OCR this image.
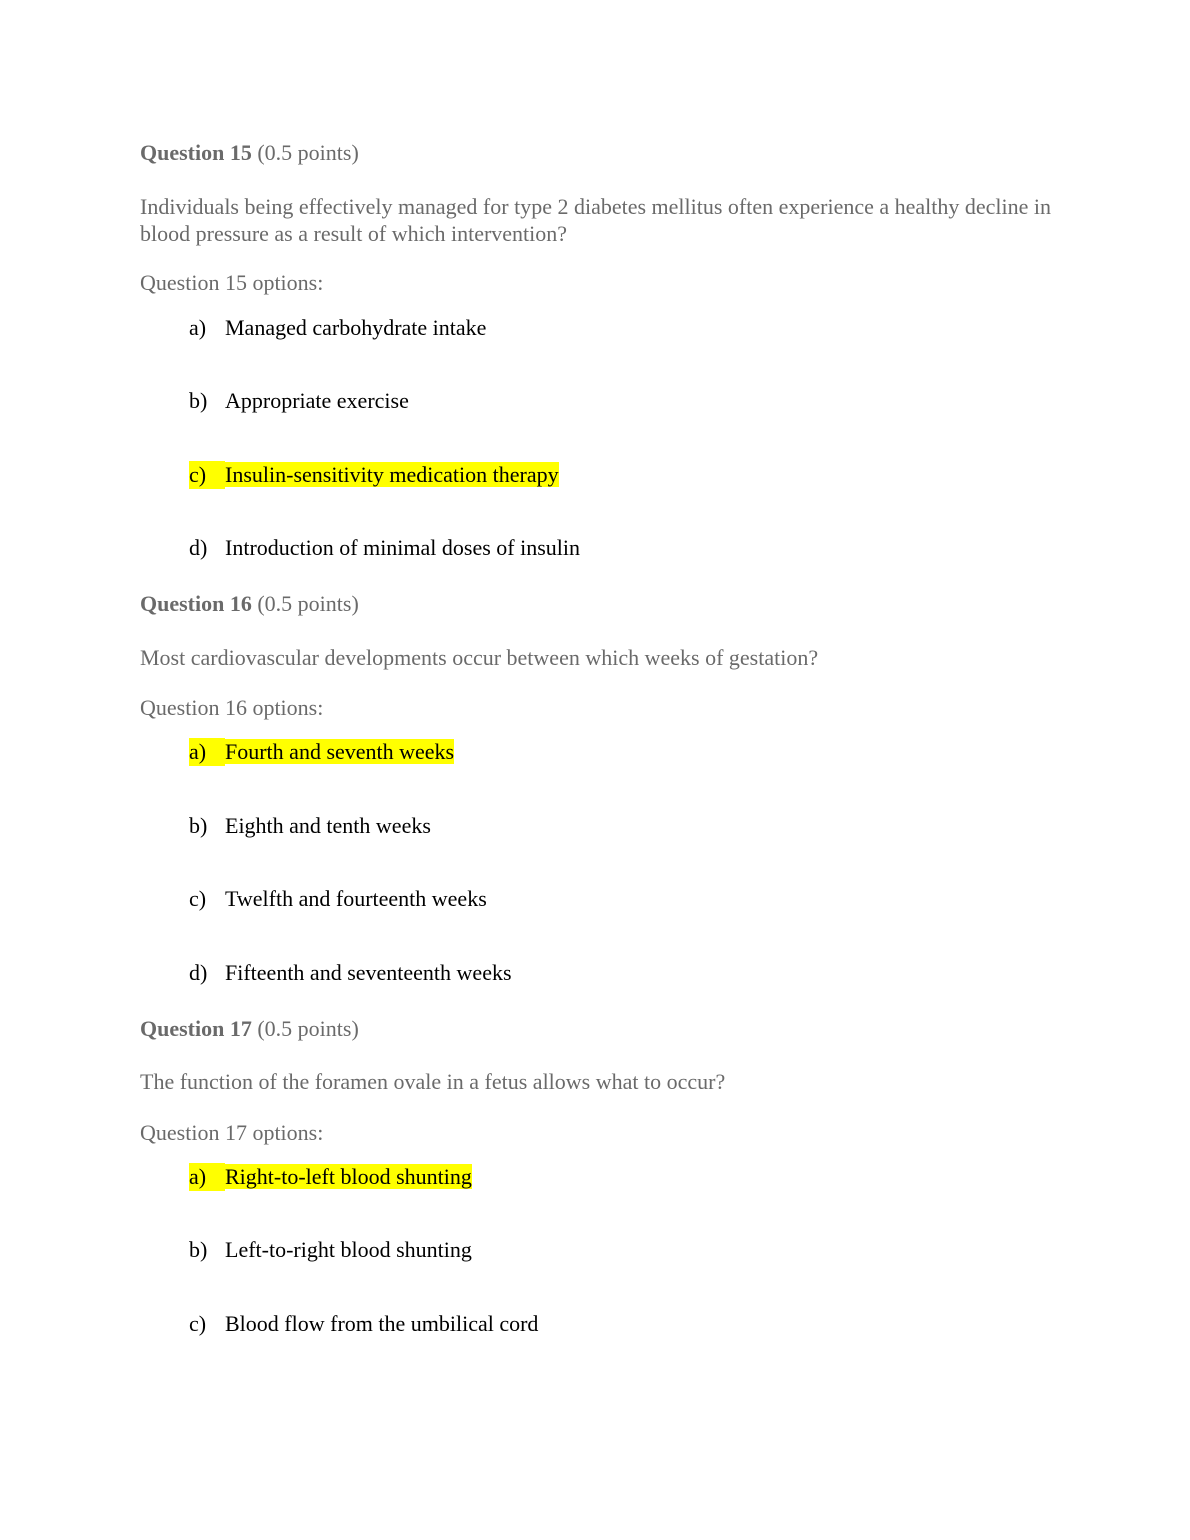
Question 15 (0.5 points)
Individuals being effectively managed for type 2 diabetes mellitus often experience a healthy decline in blood pressure as a result of which intervention?
Question 15 options:
a) Managed carbohydrate intake
b) Appropriate exercise
c) Insulin-sensitivity medication therapy
d) Introduction of minimal doses of insulin
Question 16 (0.5 points)
Most cardiovascular developments occur between which weeks of gestation?
Question 16 options:
a) Fourth and seventh weeks
b) Eighth and tenth weeks
c) Twelfth and fourteenth weeks
d) Fifteenth and seventeenth weeks
Question 17 (0.5 points)
The function of the foramen ovale in a fetus allows what to occur?
Question 17 options:
a) Right-to-left blood shunting
b) Left-to-right blood shunting
c) Blood flow from the umbilical cord
